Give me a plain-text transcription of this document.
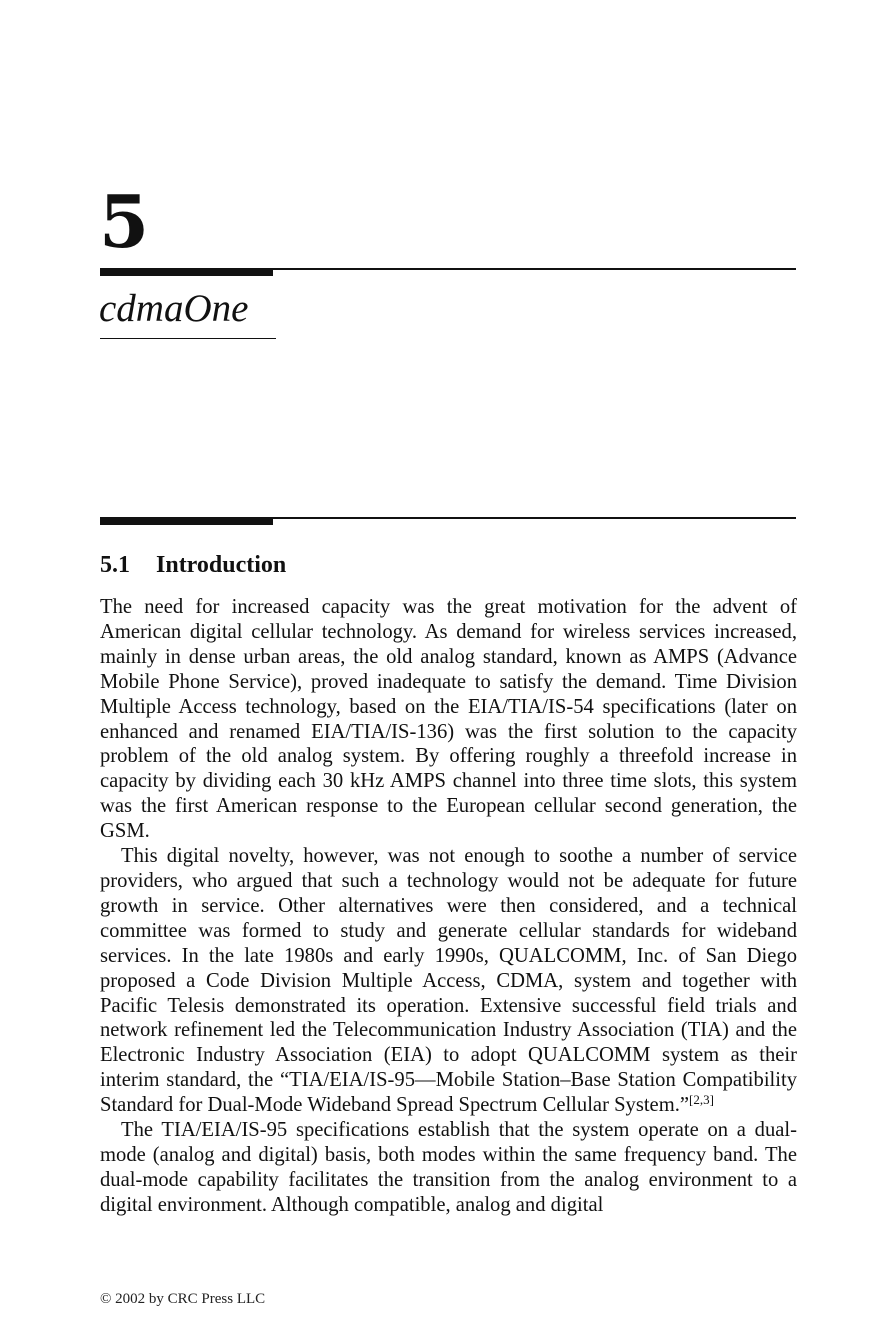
5
cdmaOne
5.1 Introduction

The need for increased capacity was the great motivation for the advent of American digital cellular technology. As demand for wireless services increased, mainly in dense urban areas, the old analog standard, known as AMPS (Advance Mobile Phone Service), proved inadequate to satisfy the demand. Time Division Multiple Access technology, based on the EIA/TIA/IS-54 specifications (later on enhanced and renamed EIA/TIA/IS-136) was the first solution to the capacity problem of the old analog system. By offering roughly a threefold increase in capacity by dividing each 30 kHz AMPS channel into three time slots, this system was the first American response to the European cellular second generation, the GSM.

This digital novelty, however, was not enough to soothe a number of service providers, who argued that such a technology would not be adequate for future growth in service. Other alternatives were then considered, and a technical committee was formed to study and generate cellular standards for wideband services. In the late 1980s and early 1990s, QUALCOMM, Inc. of San Diego proposed a Code Division Multiple Access, CDMA, system and together with Pacific Telesis demonstrated its operation. Extensive successful field trials and network refinement led the Telecommunication Industry Association (TIA) and the Electronic Industry Association (EIA) to adopt QUALCOMM system as their interim standard, the “TIA/EIA/IS-95—Mobile Station–Base Station Compatibility Standard for Dual-Mode Wideband Spread Spectrum Cellular System.”[2,3]

The TIA/EIA/IS-95 specifications establish that the system operate on a dual-mode (analog and digital) basis, both modes within the same frequency band. The dual-mode capability facilitates the transition from the analog environment to a digital environment. Although compatible, analog and digital

© 2002 by CRC Press LLC
